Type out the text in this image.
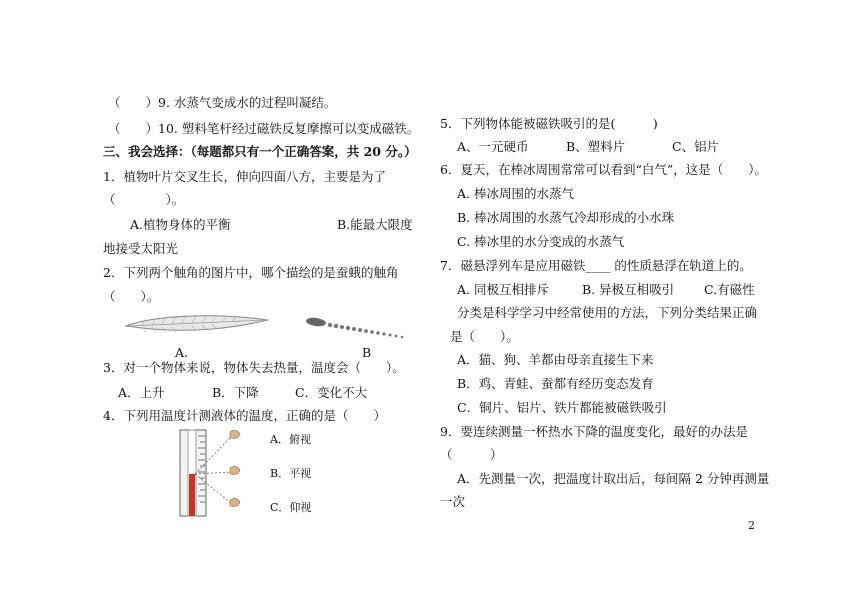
（　　）9. 水蒸气变成水的过程叫凝结。
（　　）10. 塑料笔杆经过磁铁反复摩擦可以变成磁铁。
三、我会选择：（每题都只有一个正确答案，共 20 分。）
1．植物叶片交叉生长，伸向四面八方，主要是为了
（　　　　）。
A.植物身体的平衡	B.能最大限度
地接受太阳光
2．下列两个触角的图片中，哪个描绘的是蚕蛾的触角
（　　）。
A.	B
3．对一个物体来说，物体失去热量，温度会（　　）。
A．上升	B．下降	C．变化不大
4．下列用温度计测液体的温度，正确的是（　　）
A．俯视
B．平视
C．仰视
5．下列物体能被磁铁吸引的是(　　　)
A、一元硬币	B、塑料片	C、铝片
6．夏天，在棒冰周围常常可以看到“白气”，这是（　　）。
A. 棒冰周围的水蒸气
B. 棒冰周围的水蒸气冷却形成的小水珠
C. 棒冰里的水分变成的水蒸气
7．磁悬浮列车是应用磁铁____ 的性质悬浮在轨道上的。
A. 同极互相排斥	B. 异极互相吸引 C.有磁性
分类是科学学习中经常使用的方法，下列分类结果正确
是（　　）。
A．猫、狗、羊都由母亲直接生下来
B．鸡、青蛙、蚕都有经历变态发育
C．铜片、铝片、铁片都能被磁铁吸引
9．要连续测量一杯热水下降的温度变化，最好的办法是
（　　　）
A．先测量一次，把温度计取出后，每间隔 2 分钟再测量
一次
2
